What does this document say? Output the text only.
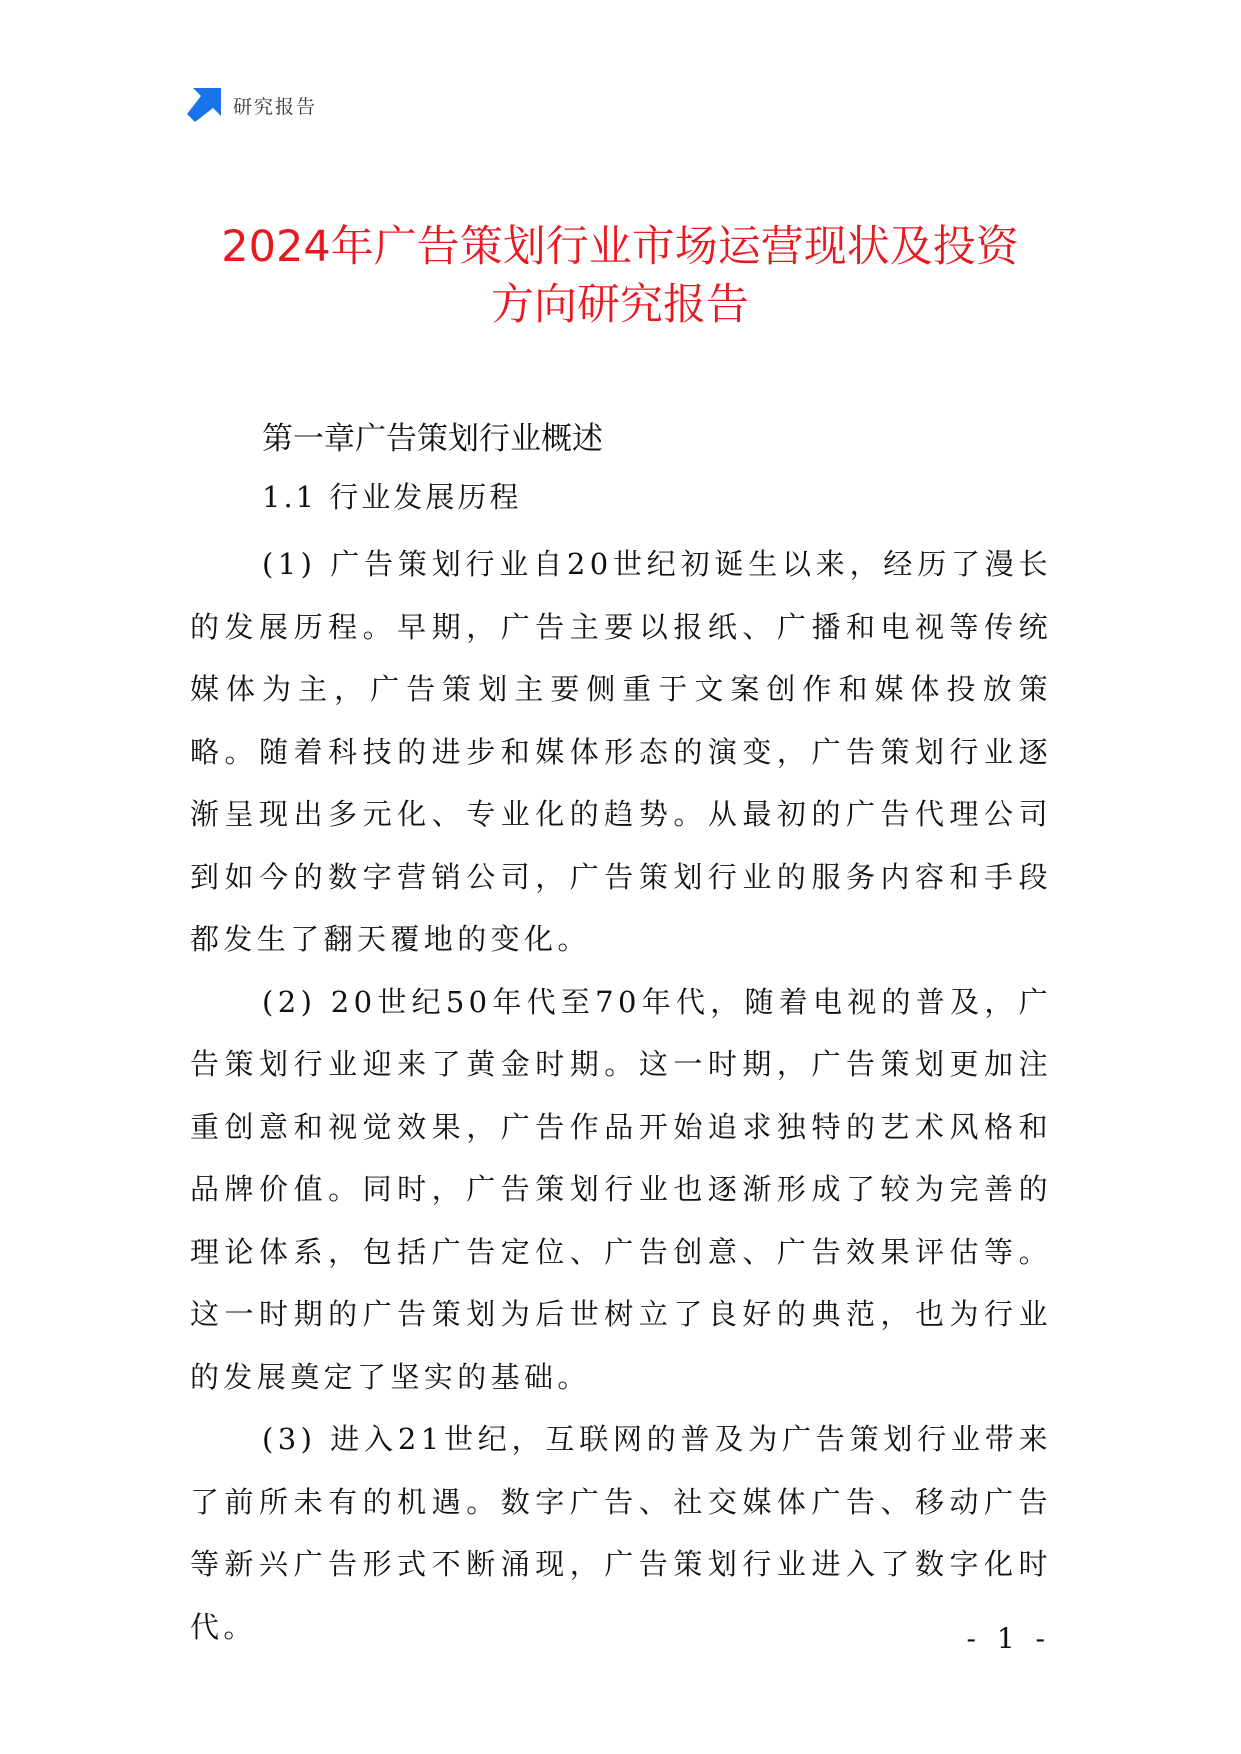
研究报告
2024年广告策划行业市场运营现状及投资
方向研究报告
第一章广告策划行业概述
1.1 行业发展历程

(1) 广告策划行业自20世纪初诞生以来，经历了漫长的发展历程。早期，广告主要以报纸、广播和电视等传统媒体为主，广告策划主要侧重于文案创作和媒体投放策略。随着科技的进步和媒体形态的演变，广告策划行业逐渐呈现出多元化、专业化的趋势。从最初的广告代理公司到如今的数字营销公司，广告策划行业的服务内容和手段都发生了翻天覆地的变化。

(2) 20世纪50年代至70年代，随着电视的普及，广告策划行业迎来了黄金时期。这一时期，广告策划更加注重创意和视觉效果，广告作品开始追求独特的艺术风格和品牌价值。同时，广告策划行业也逐渐形成了较为完善的理论体系，包括广告定位、广告创意、广告效果评估等。这一时期的广告策划为后世树立了良好的典范，也为行业的发展奠定了坚实的基础。

(3) 进入21世纪，互联网的普及为广告策划行业带来了前所未有的机遇。数字广告、社交媒体广告、移动广告等新兴广告形式不断涌现，广告策划行业进入了数字化时代。	- 1 -
